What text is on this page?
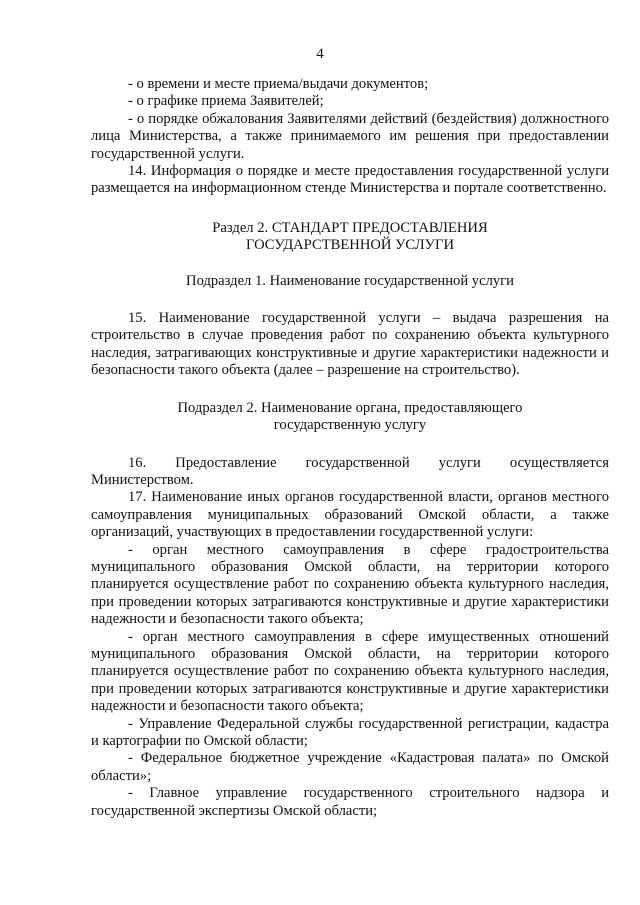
4

- о времени и месте приема/выдачи документов;

- о графике приема Заявителей;

- о порядке обжалования Заявителями действий (бездействия) должностного лица Министерства, а также принимаемого им решения при предоставлении государственной услуги.

14. Информация о порядке и месте предоставления государственной услуги размещается на информационном стенде Министерства и портале соответственно.

Раздел 2. СТАНДАРТ ПРЕДОСТАВЛЕНИЯ

ГОСУДАРСТВЕННОЙ УСЛУГИ

Подраздел 1. Наименование государственной услуги

15. Наименование государственной услуги – выдача разрешения на строительство в случае проведения работ по сохранению объекта культурного наследия, затрагивающих конструктивные и другие характеристики надежности и безопасности такого объекта (далее – разрешение на строительство).

Подраздел 2. Наименование органа, предоставляющего

государственную услугу

16. Предоставление государственной услуги осуществляется Министерством.

17. Наименование иных органов государственной власти, органов местного самоуправления муниципальных образований Омской области, а также организаций, участвующих в предоставлении государственной услуги:

- орган местного самоуправления в сфере градостроительства муниципального образования Омской области, на территории которого планируется осуществление работ по сохранению объекта культурного наследия, при проведении которых затрагиваются конструктивные и другие характеристики надежности и безопасности такого объекта;

- орган местного самоуправления в сфере имущественных отношений муниципального образования Омской области, на территории которого планируется осуществление работ по сохранению объекта культурного наследия, при проведении которых затрагиваются конструктивные и другие характеристики надежности и безопасности такого объекта;

- Управление Федеральной службы государственной регистрации, кадастра и картографии по Омской области;

- Федеральное бюджетное учреждение «Кадастровая палата» по Омской области»;

- Главное управление государственного строительного надзора и государственной экспертизы Омской области;
